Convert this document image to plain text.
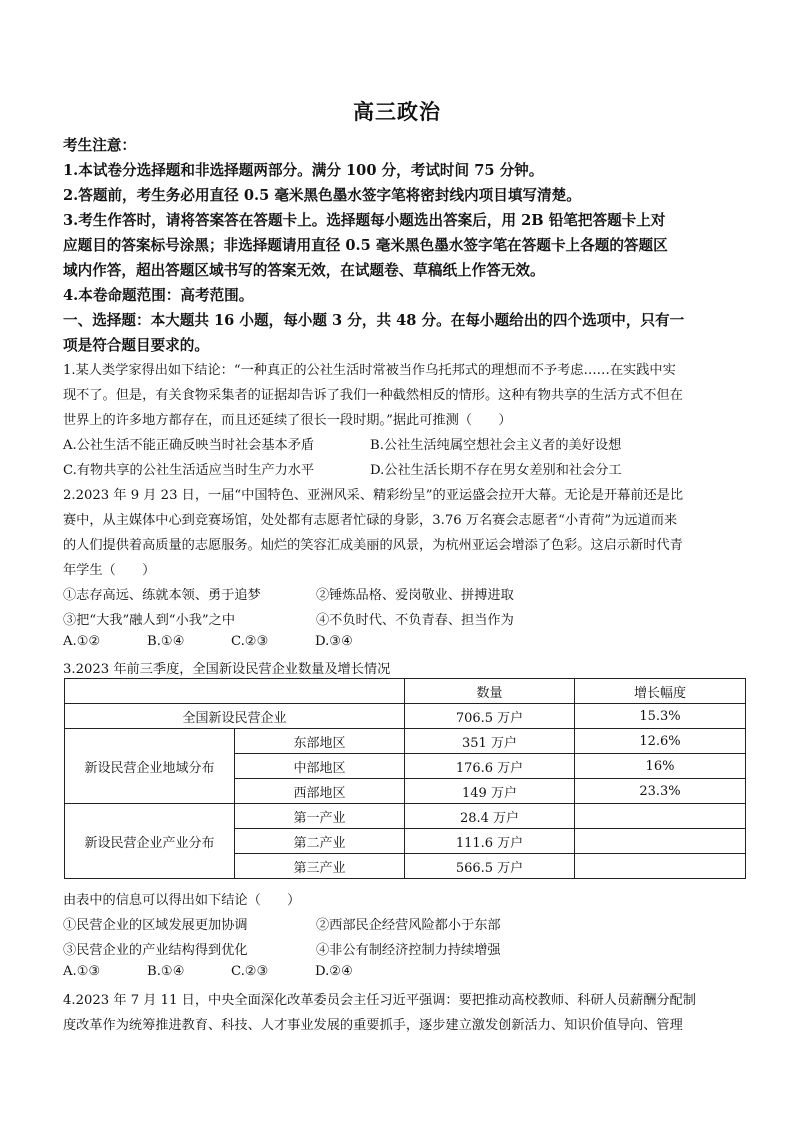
高三政治
考生注意：
1.本试卷分选择题和非选择题两部分。满分 100 分，考试时间 75 分钟。
2.答题前，考生务必用直径 0.5 毫米黑色墨水签字笔将密封线内项目填写清楚。
3.考生作答时，请将答案答在答题卡上。选择题每小题选出答案后，用 2B 铅笔把答题卡上对
应题目的答案标号涂黑；非选择题请用直径 0.5 毫米黑色墨水签字笔在答题卡上各题的答题区
域内作答，超出答题区域书写的答案无效，在试题卷、草稿纸上作答无效。
4.本卷命题范围：高考范围。
一、选择题：本大题共 16 小题，每小题 3 分，共 48 分。在每小题给出的四个选项中，只有一
项是符合题目要求的。
1.某人类学家得出如下结论：“一种真正的公社生活时常被当作乌托邦式的理想而不予考虑……在实践中实
现不了。但是，有关食物采集者的证据却告诉了我们一种截然相反的情形。这种有物共享的生活方式不但在
世界上的许多地方都存在，而且还延续了很长一段时期。”据此可推测（　　）
A.公社生活不能正确反映当时社会基本矛盾	B.公社生活纯属空想社会主义者的美好设想
C.有物共享的公社生活适应当时生产力水平	D.公社生活长期不存在男女差别和社会分工
2.2023 年 9 月 23 日，一届“中国特色、亚洲风采、精彩纷呈”的亚运盛会拉开大幕。无论是开幕前还是比
赛中，从主媒体中心到竞赛场馆，处处都有志愿者忙碌的身影，3.76 万名赛会志愿者“小青荷”为远道而来
的人们提供着高质量的志愿服务。灿烂的笑容汇成美丽的风景，为杭州亚运会增添了色彩。这启示新时代青
年学生（　　）
①志存高远、练就本领、勇于追梦	②锤炼品格、爱岗敬业、拼搏进取
③把“大我”融人到“小我”之中	④不负时代、不负青春、担当作为
A.①②	B.①④	C.②③	D.③④
3.2023 年前三季度，全国新设民营企业数量及增长情况
		数量	增长幅度
全国新设民营企业		706.5 万户	15.3%
新设民营企业地域分布	东部地区	351 万户	12.6%
	中部地区	176.6 万户	16%
	西部地区	149 万户	23.3%
新设民营企业产业分布	第一产业	28.4 万户	
	第二产业	111.6 万户	
	第三产业	566.5 万户	
由表中的信息可以得出如下结论（　　）
①民营企业的区域发展更加协调	②西部民企经营风险都小于东部
③民营企业的产业结构得到优化	④非公有制经济控制力持续增强
A.①③	B.①④	C.②③	D.②④
4.2023 年 7 月 11 日，中央全面深化改革委员会主任习近平强调：要把推动高校教师、科研人员薪酬分配制
度改革作为统筹推进教育、科技、人才事业发展的重要抓手，逐步建立激发创新活力、知识价值导向、管理
